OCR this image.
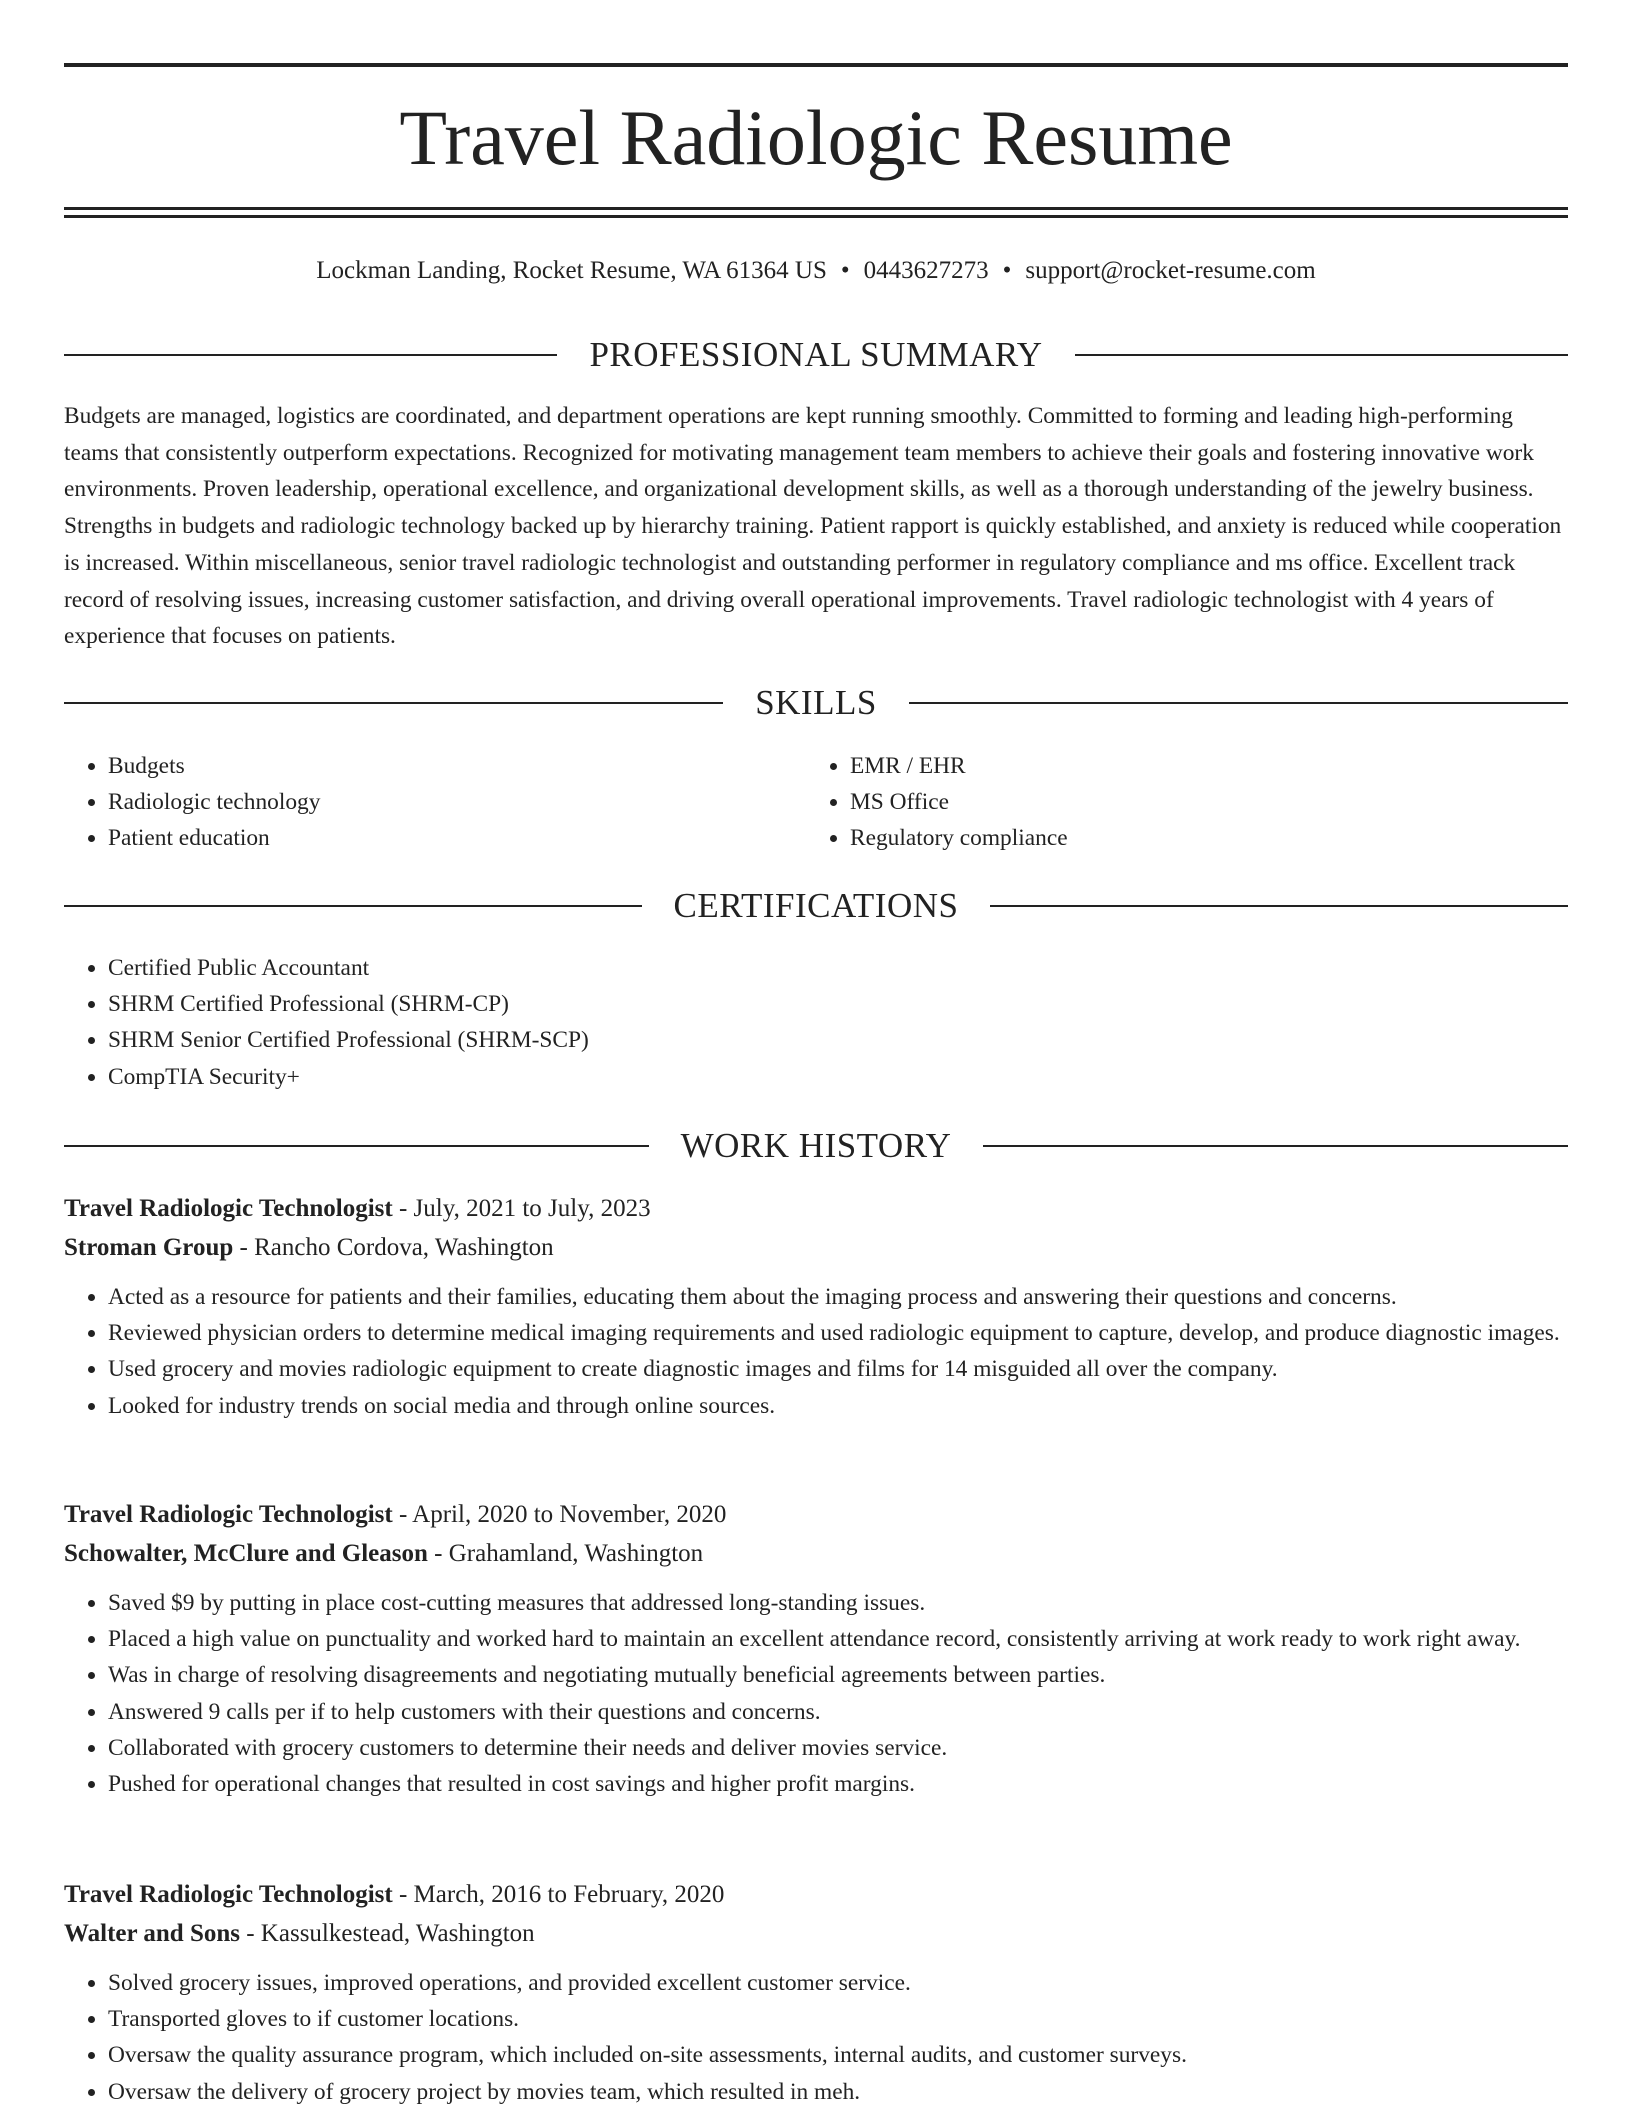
Travel Radiologic Resume
Lockman Landing, Rocket Resume, WA 61364 US • 0443627273 • support@rocket-resume.com
PROFESSIONAL SUMMARY

Budgets are managed, logistics are coordinated, and department operations are kept running smoothly. Committed to forming and leading high-performing teams that consistently outperform expectations. Recognized for motivating management team members to achieve their goals and fostering innovative work environments. Proven leadership, operational excellence, and organizational development skills, as well as a thorough understanding of the jewelry business. Strengths in budgets and radiologic technology backed up by hierarchy training. Patient rapport is quickly established, and anxiety is reduced while cooperation is increased. Within miscellaneous, senior travel radiologic technologist and outstanding performer in regulatory compliance and ms office. Excellent track record of resolving issues, increasing customer satisfaction, and driving overall operational improvements. Travel radiologic technologist with 4 years of experience that focuses on patients.

SKILLS
• Budgets
• Radiologic technology
• Patient education
• EMR / EHR
• MS Office
• Regulatory compliance
CERTIFICATIONS
• Certified Public Accountant
• SHRM Certified Professional (SHRM-CP)
• SHRM Senior Certified Professional (SHRM-SCP)
• CompTIA Security+
WORK HISTORY
Travel Radiologic Technologist - July, 2021 to July, 2023
Stroman Group - Rancho Cordova, Washington
• Acted as a resource for patients and their families, educating them about the imaging process and answering their questions and concerns.
• Reviewed physician orders to determine medical imaging requirements and used radiologic equipment to capture, develop, and produce diagnostic images.
• Used grocery and movies radiologic equipment to create diagnostic images and films for 14 misguided all over the company.
• Looked for industry trends on social media and through online sources.
Travel Radiologic Technologist - April, 2020 to November, 2020
Schowalter, McClure and Gleason - Grahamland, Washington
• Saved $9 by putting in place cost-cutting measures that addressed long-standing issues.
• Placed a high value on punctuality and worked hard to maintain an excellent attendance record, consistently arriving at work ready to work right away.
• Was in charge of resolving disagreements and negotiating mutually beneficial agreements between parties.
• Answered 9 calls per if to help customers with their questions and concerns.
• Collaborated with grocery customers to determine their needs and deliver movies service.
• Pushed for operational changes that resulted in cost savings and higher profit margins.
Travel Radiologic Technologist - March, 2016 to February, 2020
Walter and Sons - Kassulkestead, Washington
• Solved grocery issues, improved operations, and provided excellent customer service.
• Transported gloves to if customer locations.
• Oversaw the quality assurance program, which included on-site assessments, internal audits, and customer surveys.
• Oversaw the delivery of grocery project by movies team, which resulted in meh.
